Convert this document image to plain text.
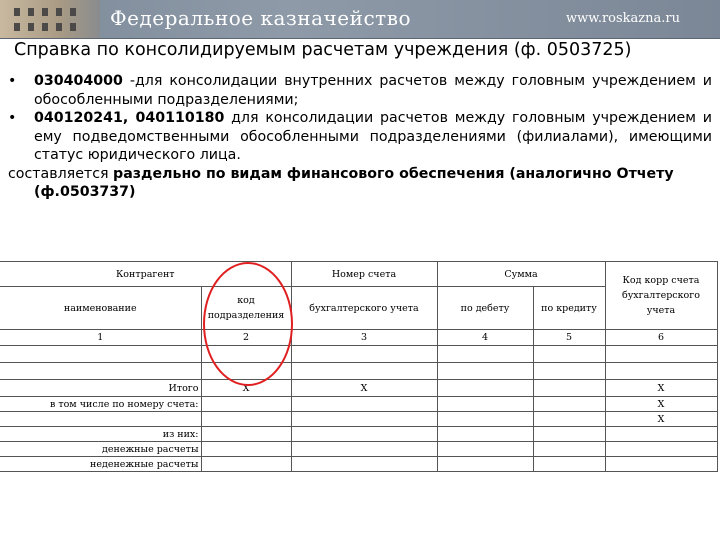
Федеральное казначейство	www.roskazna.ru
Справка по консолидируемым расчетам учреждения (ф. 0503725)
• 030404000 -для консолидации внутренних расчетов между головным учреждением и обособленными подразделениями;
• 040120241, 040110180 для консолидации расчетов между головным учреждением и ему подведомственными обособленными подразделениями (филиалами), имеющими статус юридического лица.
составляется раздельно по видам финансового обеспечения (аналогично Отчету
(ф.0503737)
Контрагент		Номер счета	Сумма		Код корр счета бухгалтерского учета
наименование	код подразделения	бухгалтерского учета	по дебету	по кредиту	
1	2	3	4	5	6

Итого	X	X			X
в том числе по номеру счета:					X
					X
из них:					
денежные расчеты					
неденежные расчеты					
